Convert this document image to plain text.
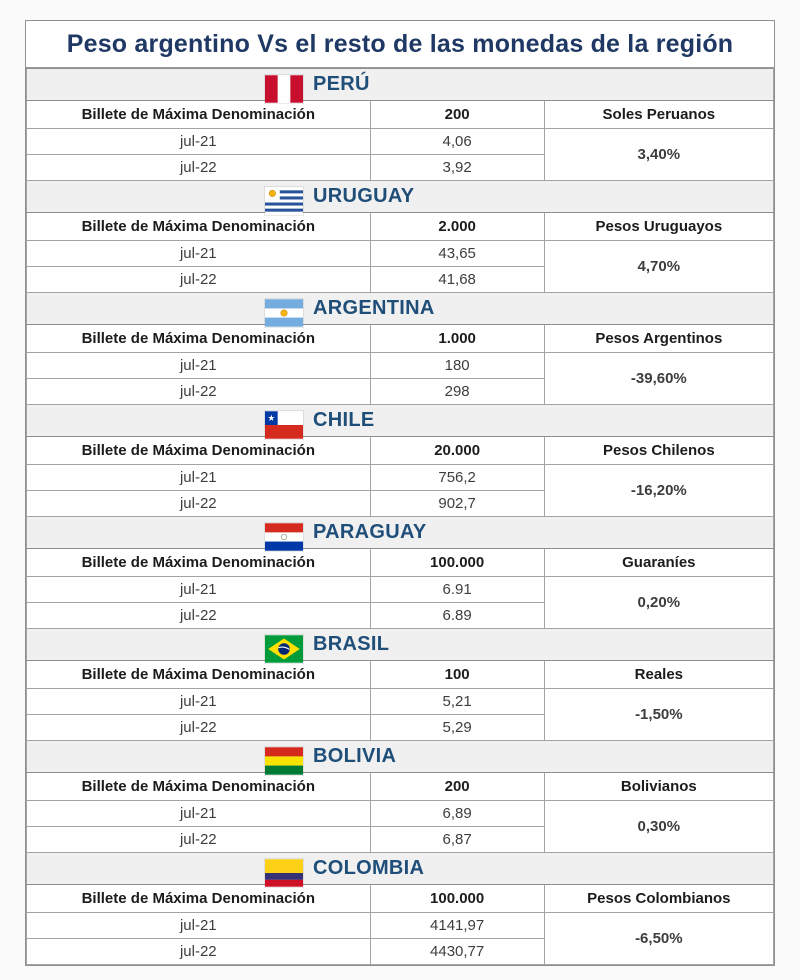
Peso argentino Vs el resto de las monedas de la región
PERÚ		

Billete de Máxima Denominación	200	Soles Peruanos
jul-21	4,06	3,40%
jul-22	3,92	

URUGUAY		

Billete de Máxima Denominación	2.000	Pesos Uruguayos
jul-21	43,65	4,70%
jul-22	41,68	

ARGENTINA		

Billete de Máxima Denominación	1.000	Pesos Argentinos
jul-21	180	-39,60%
jul-22	298	

CHILE		

Billete de Máxima Denominación	20.000	Pesos Chilenos
jul-21	756,2	-16,20%
jul-22	902,7	

PARAGUAY		

Billete de Máxima Denominación	100.000	Guaraníes
jul-21	6.91	0,20%
jul-22	6.89	

BRASIL		

Billete de Máxima Denominación	100	Reales
jul-21	5,21	-1,50%
jul-22	5,29	

BOLIVIA		

Billete de Máxima Denominación	200	Bolivianos
jul-21	6,89	0,30%
jul-22	6,87	

COLOMBIA		

Billete de Máxima Denominación	100.000	Pesos Colombianos
jul-21	4141,97	-6,50%
jul-22	4430,77	
